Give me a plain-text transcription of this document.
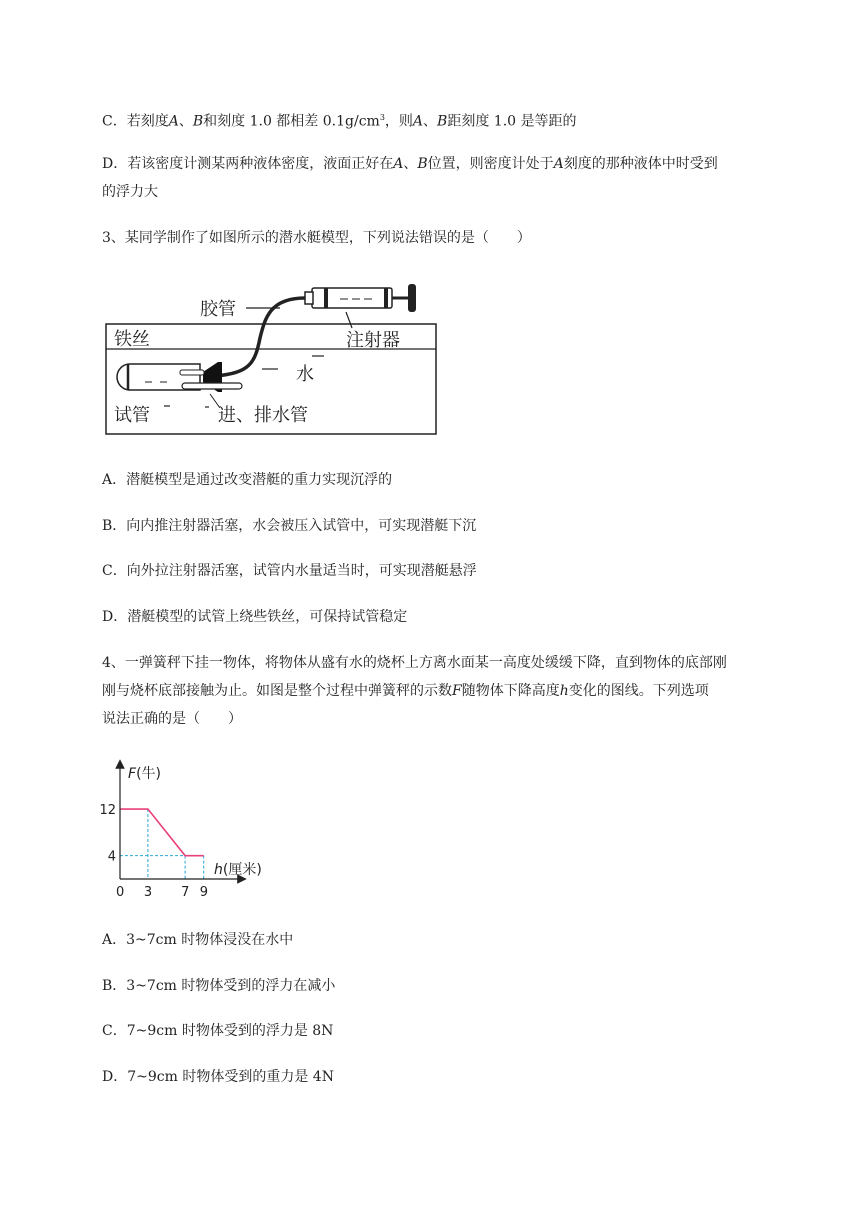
C．若刻度A、B和刻度 1.0 都相差 $0.1g/cm^3$，则A、B距刻度 1.0 是等距的
D．若该密度计测某两种液体密度，液面正好在A、B位置，则密度计处于A刻度的那种液体中时受到
的浮力大
3、某同学制作了如图所示的潜水艇模型，下列说法错误的是（　　）
胶管
注射器
铁丝
水
试管	进、排水管
A．潜艇模型是通过改变潜艇的重力实现沉浮的
B．向内推注射器活塞，水会被压入试管中，可实现潜艇下沉
C．向外拉注射器活塞，试管内水量适当时，可实现潜艇悬浮
D．潜艇模型的试管上绕些铁丝，可保持试管稳定
4、一弹簧秤下挂一物体，将物体从盛有水的烧杯上方离水面某一高度处缓缓下降，直到物体的底部刚
刚与烧杯底部接触为止。如图是整个过程中弹簧秤的示数F随物体下降高度h变化的图线。下列选项
说法正确的是（　　）
F(牛)
h(厘米)
0 3 7 9
12
4
A．3~7cm 时物体浸没在水中
B．3~7cm 时物体受到的浮力在减小
C．7~9cm 时物体受到的浮力是 8N
D．7~9cm 时物体受到的重力是 4N
